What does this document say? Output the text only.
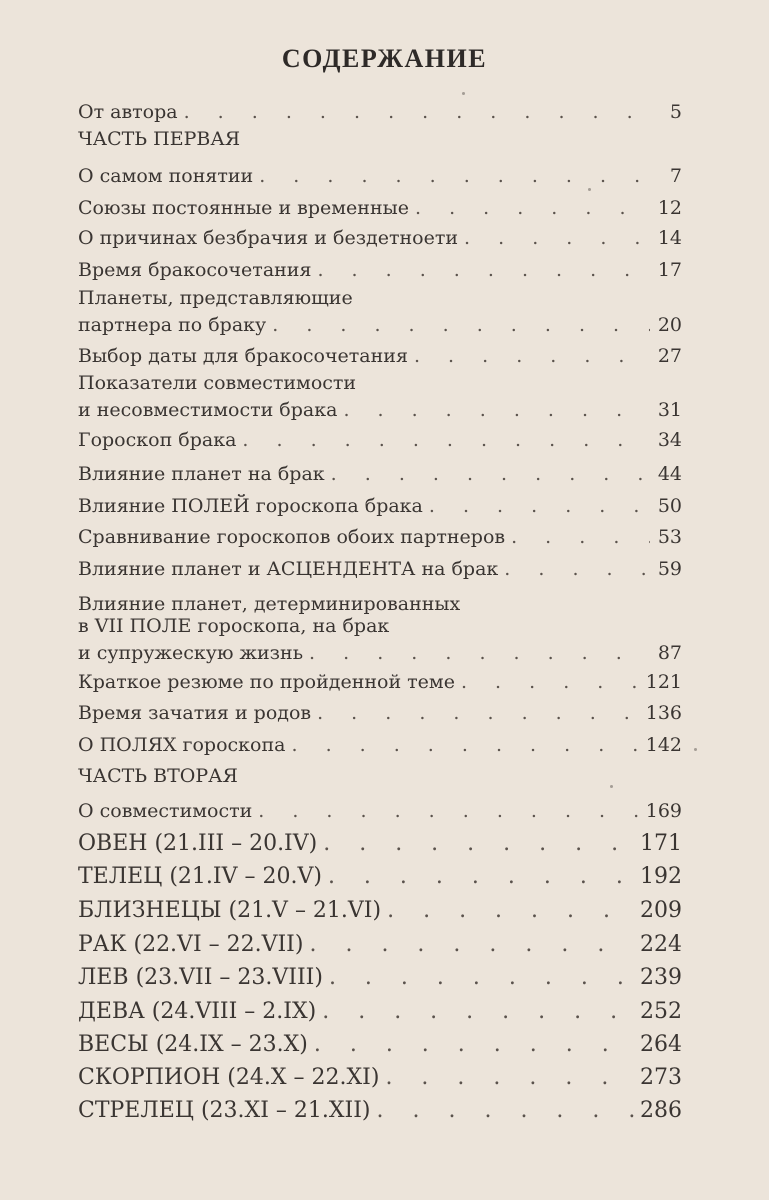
СОДЕРЖАНИЕ
От автора . . .	5
ЧАСТЬ ПЕРВАЯ
О самом понятии . . .	7
Союзы постоянные и временные . . .	12
О причинах безбрачия и бездетноети . . .	14
Время бракосочетания . . .	17
Планеты, представляющие
партнера по браку . . .	20
Выбор даты для бракосочетания . . .	27
Показатели совместимости
и несовместимости брака . . .	31
Гороскоп брака . . .	34
Влияние планет на брак . . .	44
Влияние ПОЛЕЙ гороскопа брака . . .	50
Сравнивание гороскопов обоих партнеров . . .	53
Влияние планет и АСЦЕНДЕНТА на брак . . .	59
Влияние планет, детерминированных
в VII ПОЛЕ гороскопа, на брак
и супружескую жизнь . . .	87
Краткое резюме по пройденной теме . . .	121
Время зачатия и родов . . .	136
О ПОЛЯХ гороскопа . . .	142
ЧАСТЬ ВТОРАЯ
О совместимости . . .	169
ОВЕН (21.III – 20.IV) . . .	171
ТЕЛЕЦ (21.IV – 20.V) . . .	192
БЛИЗНЕЦЫ (21.V – 21.VI) . . .	209
РАК (22.VI – 22.VII) . . .	224
ЛЕВ (23.VII – 23.VIII) . . .	239
ДЕВА (24.VIII – 2.IX) . . .	252
ВЕСЫ (24.IX – 23.X) . . .	264
СКОРПИОН (24.X – 22.XI) . . .	273
СТРЕЛЕЦ (23.XI – 21.XII) . . .	286
